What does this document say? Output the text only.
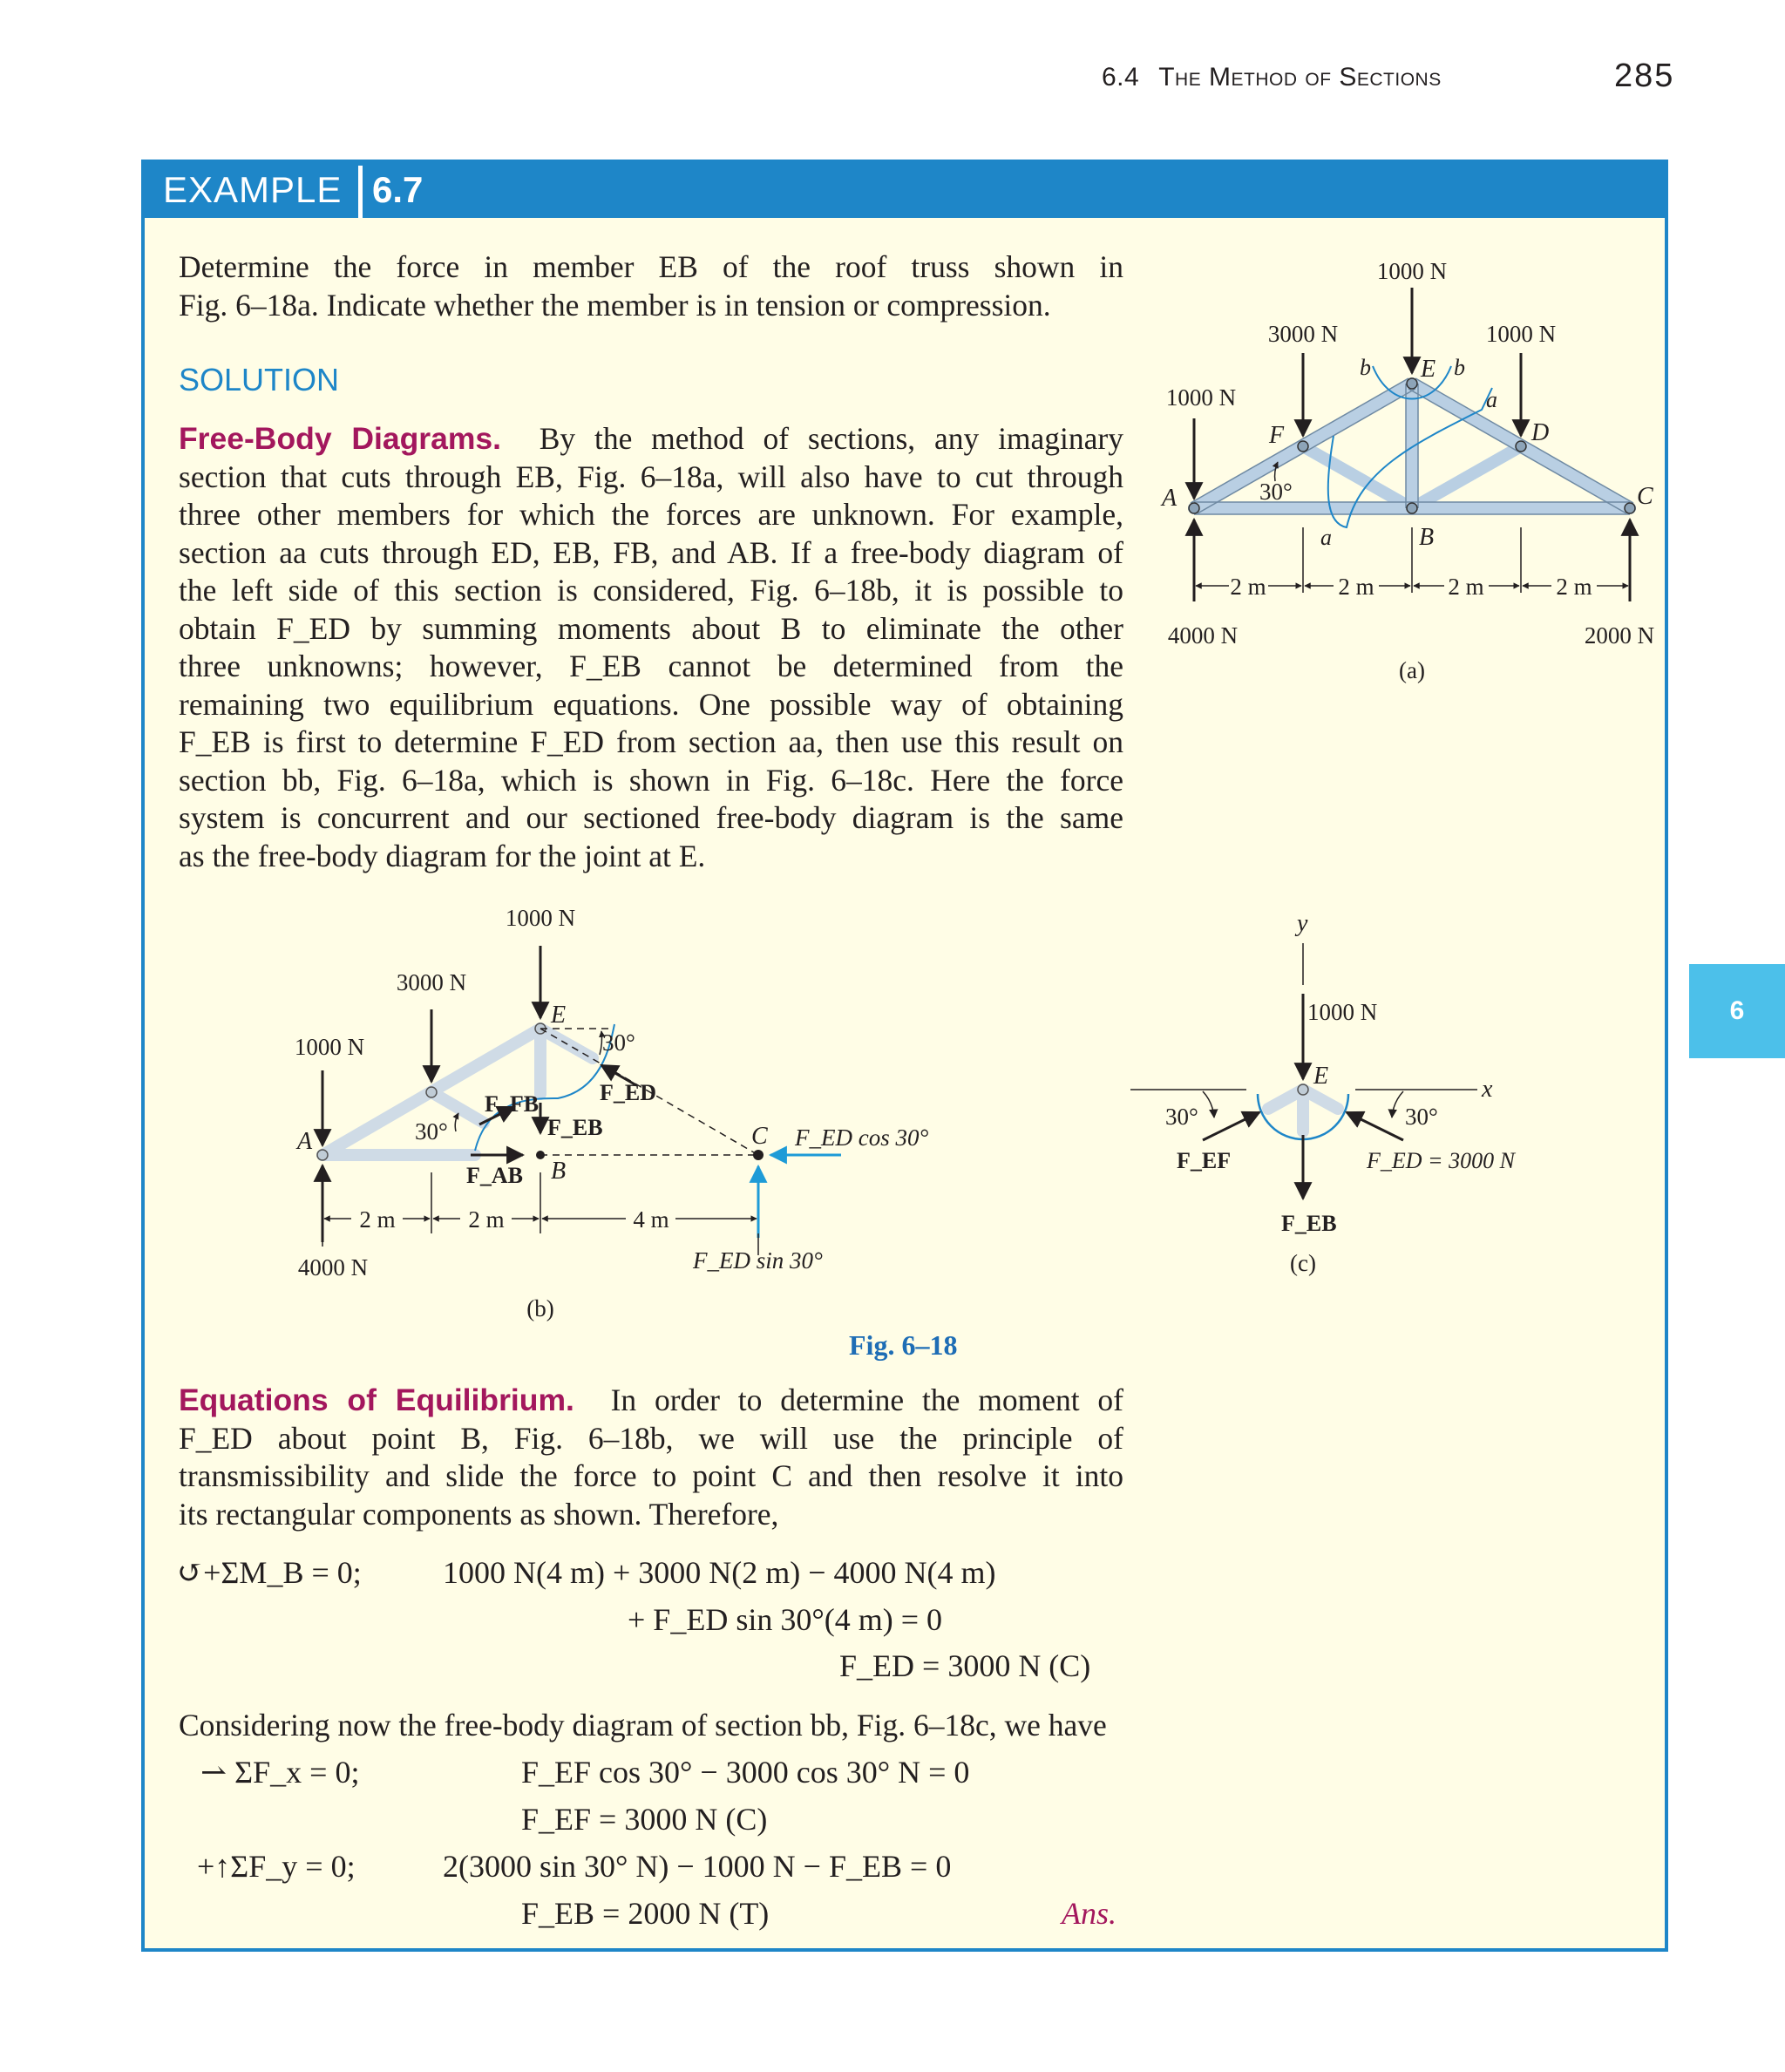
6.4 The Method of Sections	285
EXAMPLE 6.7
Determine the force in member EB of the roof truss shown in
Fig. 6–18a. Indicate whether the member is in tension or compression.
SOLUTION
Free-Body Diagrams. By the method of sections, any imaginary
section that cuts through EB, Fig. 6–18a, will also have to cut through
three other members for which the forces are unknown. For example,
section aa cuts through ED, EB, FB, and AB. If a free-body diagram of
the left side of this section is considered, Fig. 6–18b, it is possible to
obtain F_ED by summing moments about B to eliminate the other
three unknowns; however, F_EB cannot be determined from the
remaining two equilibrium equations. One possible way of obtaining
F_EB is first to determine F_ED from section aa, then use this result on
section bb, Fig. 6–18a, which is shown in Fig. 6–18c. Here the force
system is concurrent and our sectioned free-body diagram is the same
as the free-body diagram for the joint at E.
1000 N
3000 N	1000 N
1000 N
4000 N	2000 N
2 m	2 m	2 m	2 m
30°
(a)
A
F
E
D
C
B
a
a
b	b
1000 N
3000 N
1000 N
4000 N
2 m	2 m	4 m
30°
30°
(b)
A
E
B
C
F_FB
F_EB
F_ED
F_AB
F_ED cos 30°
F_ED sin 30°
1000 N
30°	30°
(c)
y
x
E
F_EF	F_ED = 3000 N
F_EB
Fig. 6–18
Equations of Equilibrium. In order to determine the moment of
F_ED about point B, Fig. 6–18b, we will use the principle of
transmissibility and slide the force to point C and then resolve it into
its rectangular components as shown. Therefore,
↺+ΣM_B = 0;	1000 N(4 m) + 3000 N(2 m) − 4000 N(4 m)
+ F_ED sin 30°(4 m) = 0
F_ED = 3000 N (C)
Considering now the free-body diagram of section bb, Fig. 6–18c, we have
⇀ ΣF_x = 0;	F_EF cos 30° − 3000 cos 30° N = 0
F_EF = 3000 N (C)
+↑ΣF_y = 0;	2(3000 sin 30° N) − 1000 N − F_EB = 0
F_EB = 2000 N (T)	Ans.
6
